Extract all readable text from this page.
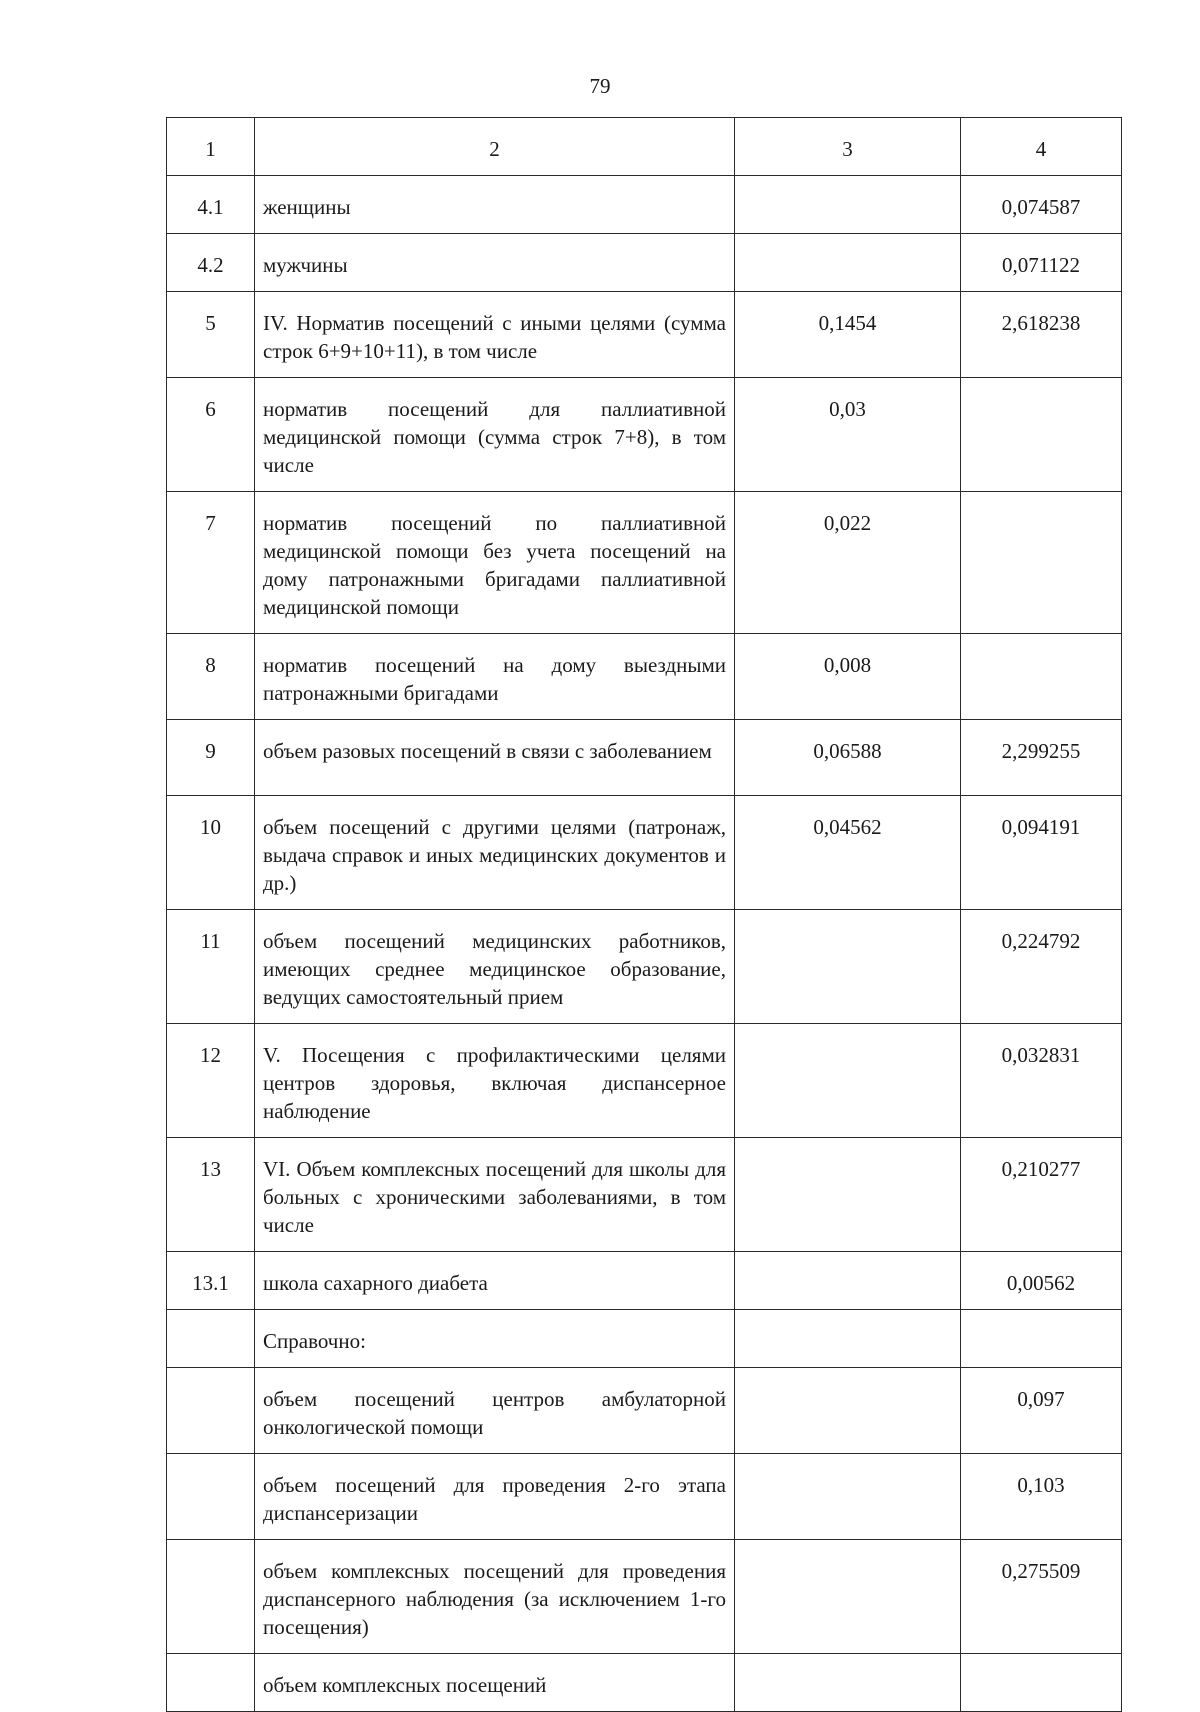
79
1	2	3	4
4.1	женщины		0,074587
4.2	мужчины		0,071122
5	IV. Норматив посещений с иными целями (сумма строк 6+9+10+11), в том числе	0,1454	2,618238
6	норматив посещений для паллиативной медицинской помощи (сумма строк 7+8), в том числе	0,03	
7	норматив посещений по паллиативной медицинской помощи без учета посещений на дому патронажными бригадами паллиативной медицинской помощи	0,022	
8	норматив посещений на дому выездными патронажными бригадами	0,008	
9	объем разовых посещений в связи с заболеванием	0,06588	2,299255
10	объем посещений с другими целями (патронаж, выдача справок и иных медицинских документов и др.)	0,04562	0,094191
11	объем посещений медицинских работников, имеющих среднее медицинское образование, ведущих самостоятельный прием		0,224792
12	V. Посещения с профилактическими целями центров здоровья, включая диспансерное наблюдение		0,032831
13	VI. Объем комплексных посещений для школы для больных с хроническими заболеваниями, в том числе		0,210277
13.1	школа сахарного диабета		0,00562
	Справочно:		
	объем посещений центров амбулаторной онкологической помощи		0,097
	объем посещений для проведения 2-го этапа диспансеризации		0,103
	объем комплексных посещений для проведения диспансерного наблюдения (за исключением 1-го посещения)		0,275509
	объем комплексных посещений		
